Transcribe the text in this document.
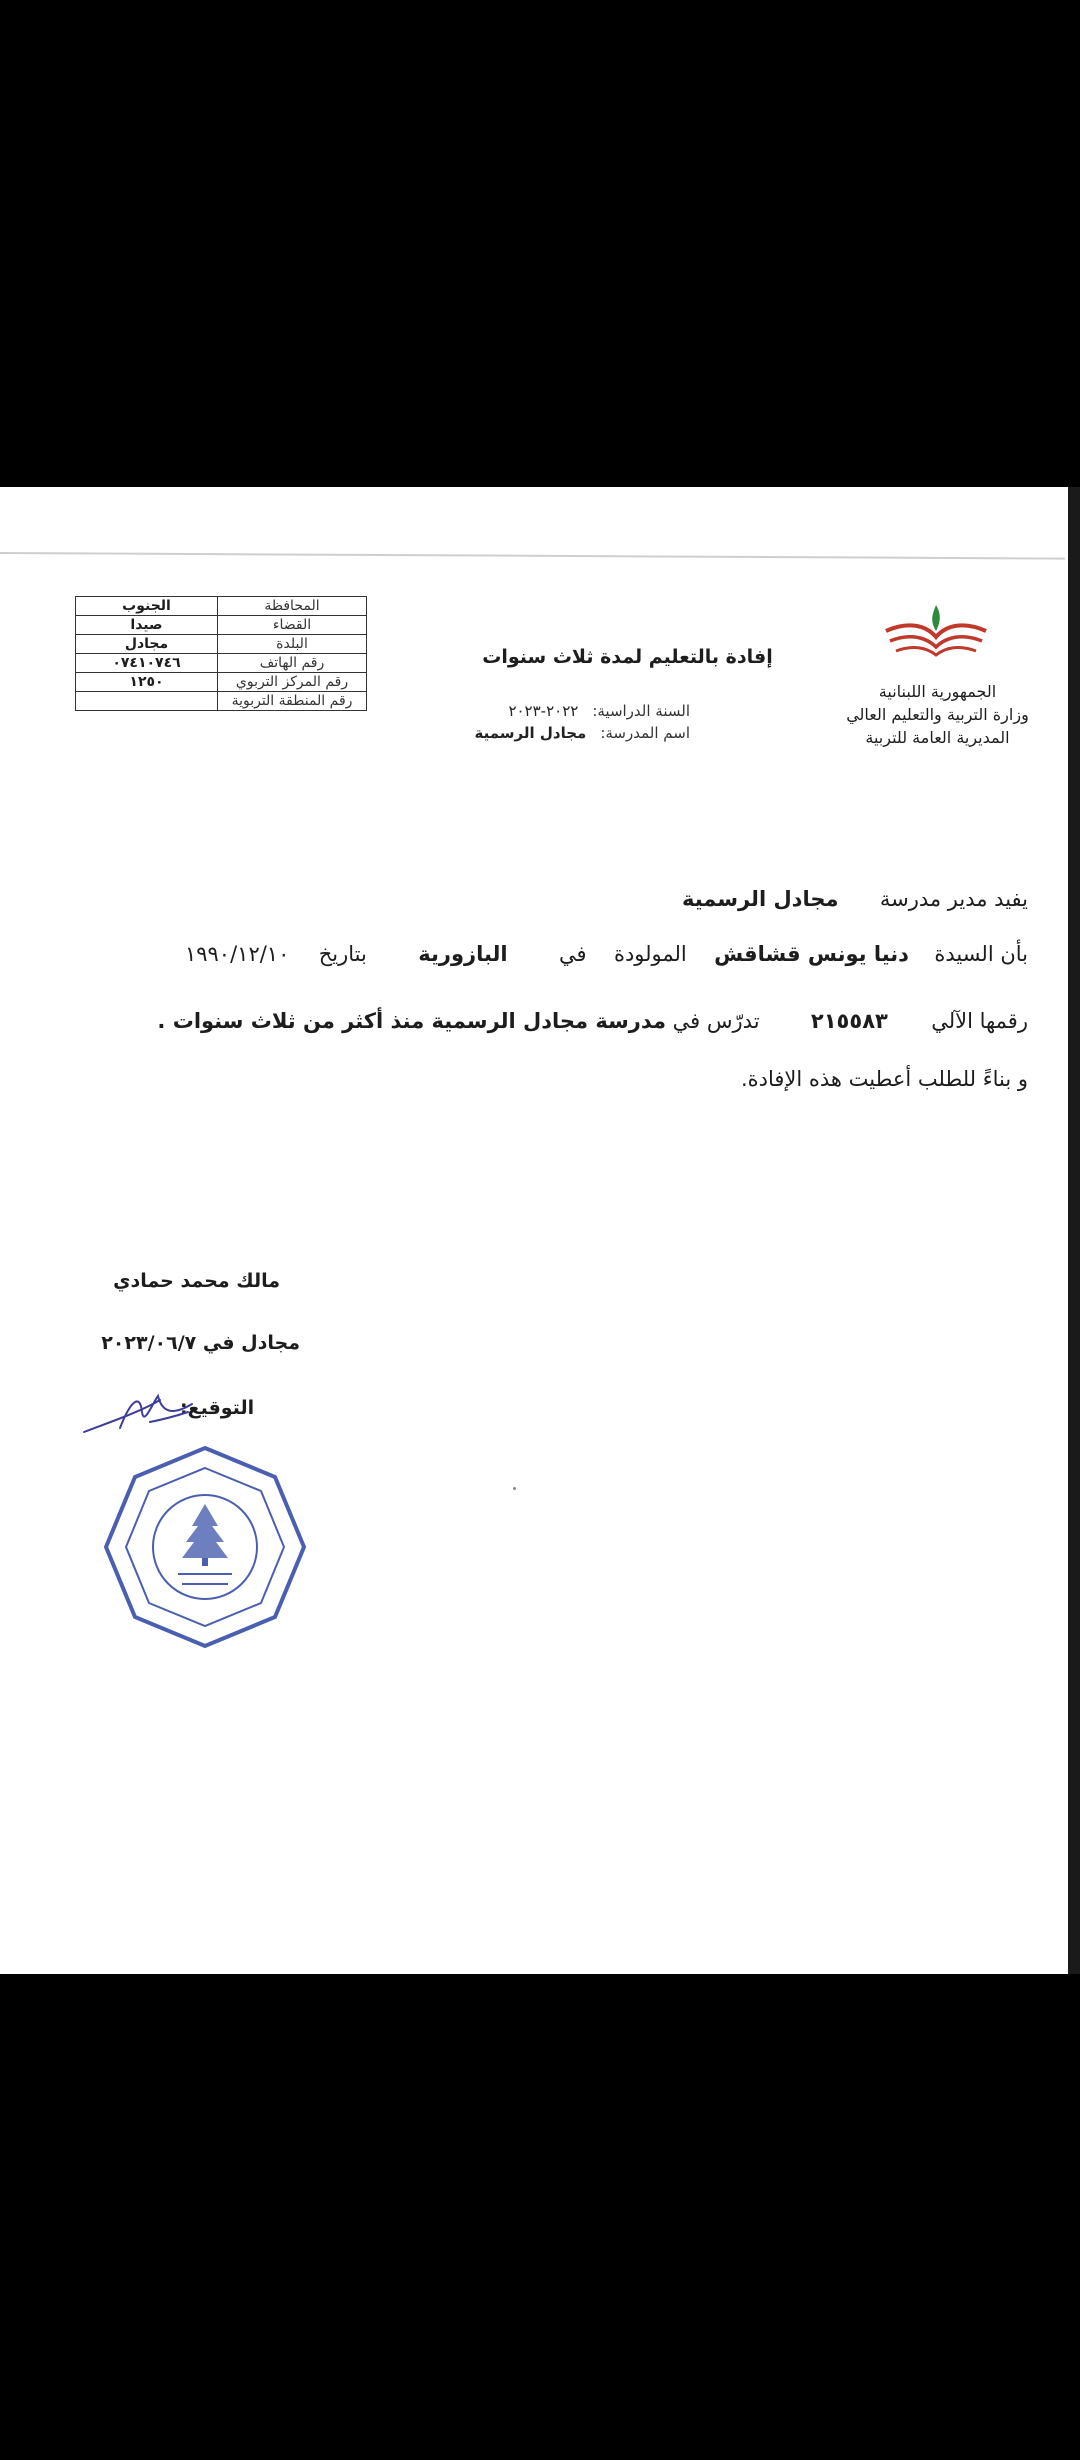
الجمهورية اللبنانية
وزارة التربية والتعليم العالي
المديرية العامة للتربية
إفادة بالتعليم لمدة ثلاث سنوات
السنة الدراسية:
٢٠٢٢-٢٠٢٣
اسم المدرسة:
مجادل الرسمية
المحافظة	الجنوب
القضاء	صيدا
البلدة	مجادل
رقم الهاتف	٠٧٤١٠٧٤٦
رقم المركز التربوي	١٢٥٠
رقم المنطقة التربوية	
يفيد مدير مدرسة  مجادل الرسمية
بأن السيدة  دنيا يونس قشاقش  المولودة  في  البازورية  بتاريخ  ١٩٩٠/١٢/١٠
رقمها الآلي  ٢١٥٥٨٣  تدرّس في مدرسة مجادل الرسمية منذ أكثر من ثلاث سنوات .
و بناءً للطلب أعطيت هذه الإفادة.
مالك محمد حمادي
مجادل في ٢٠٢٣/٠٦/٧
التوقيع:
